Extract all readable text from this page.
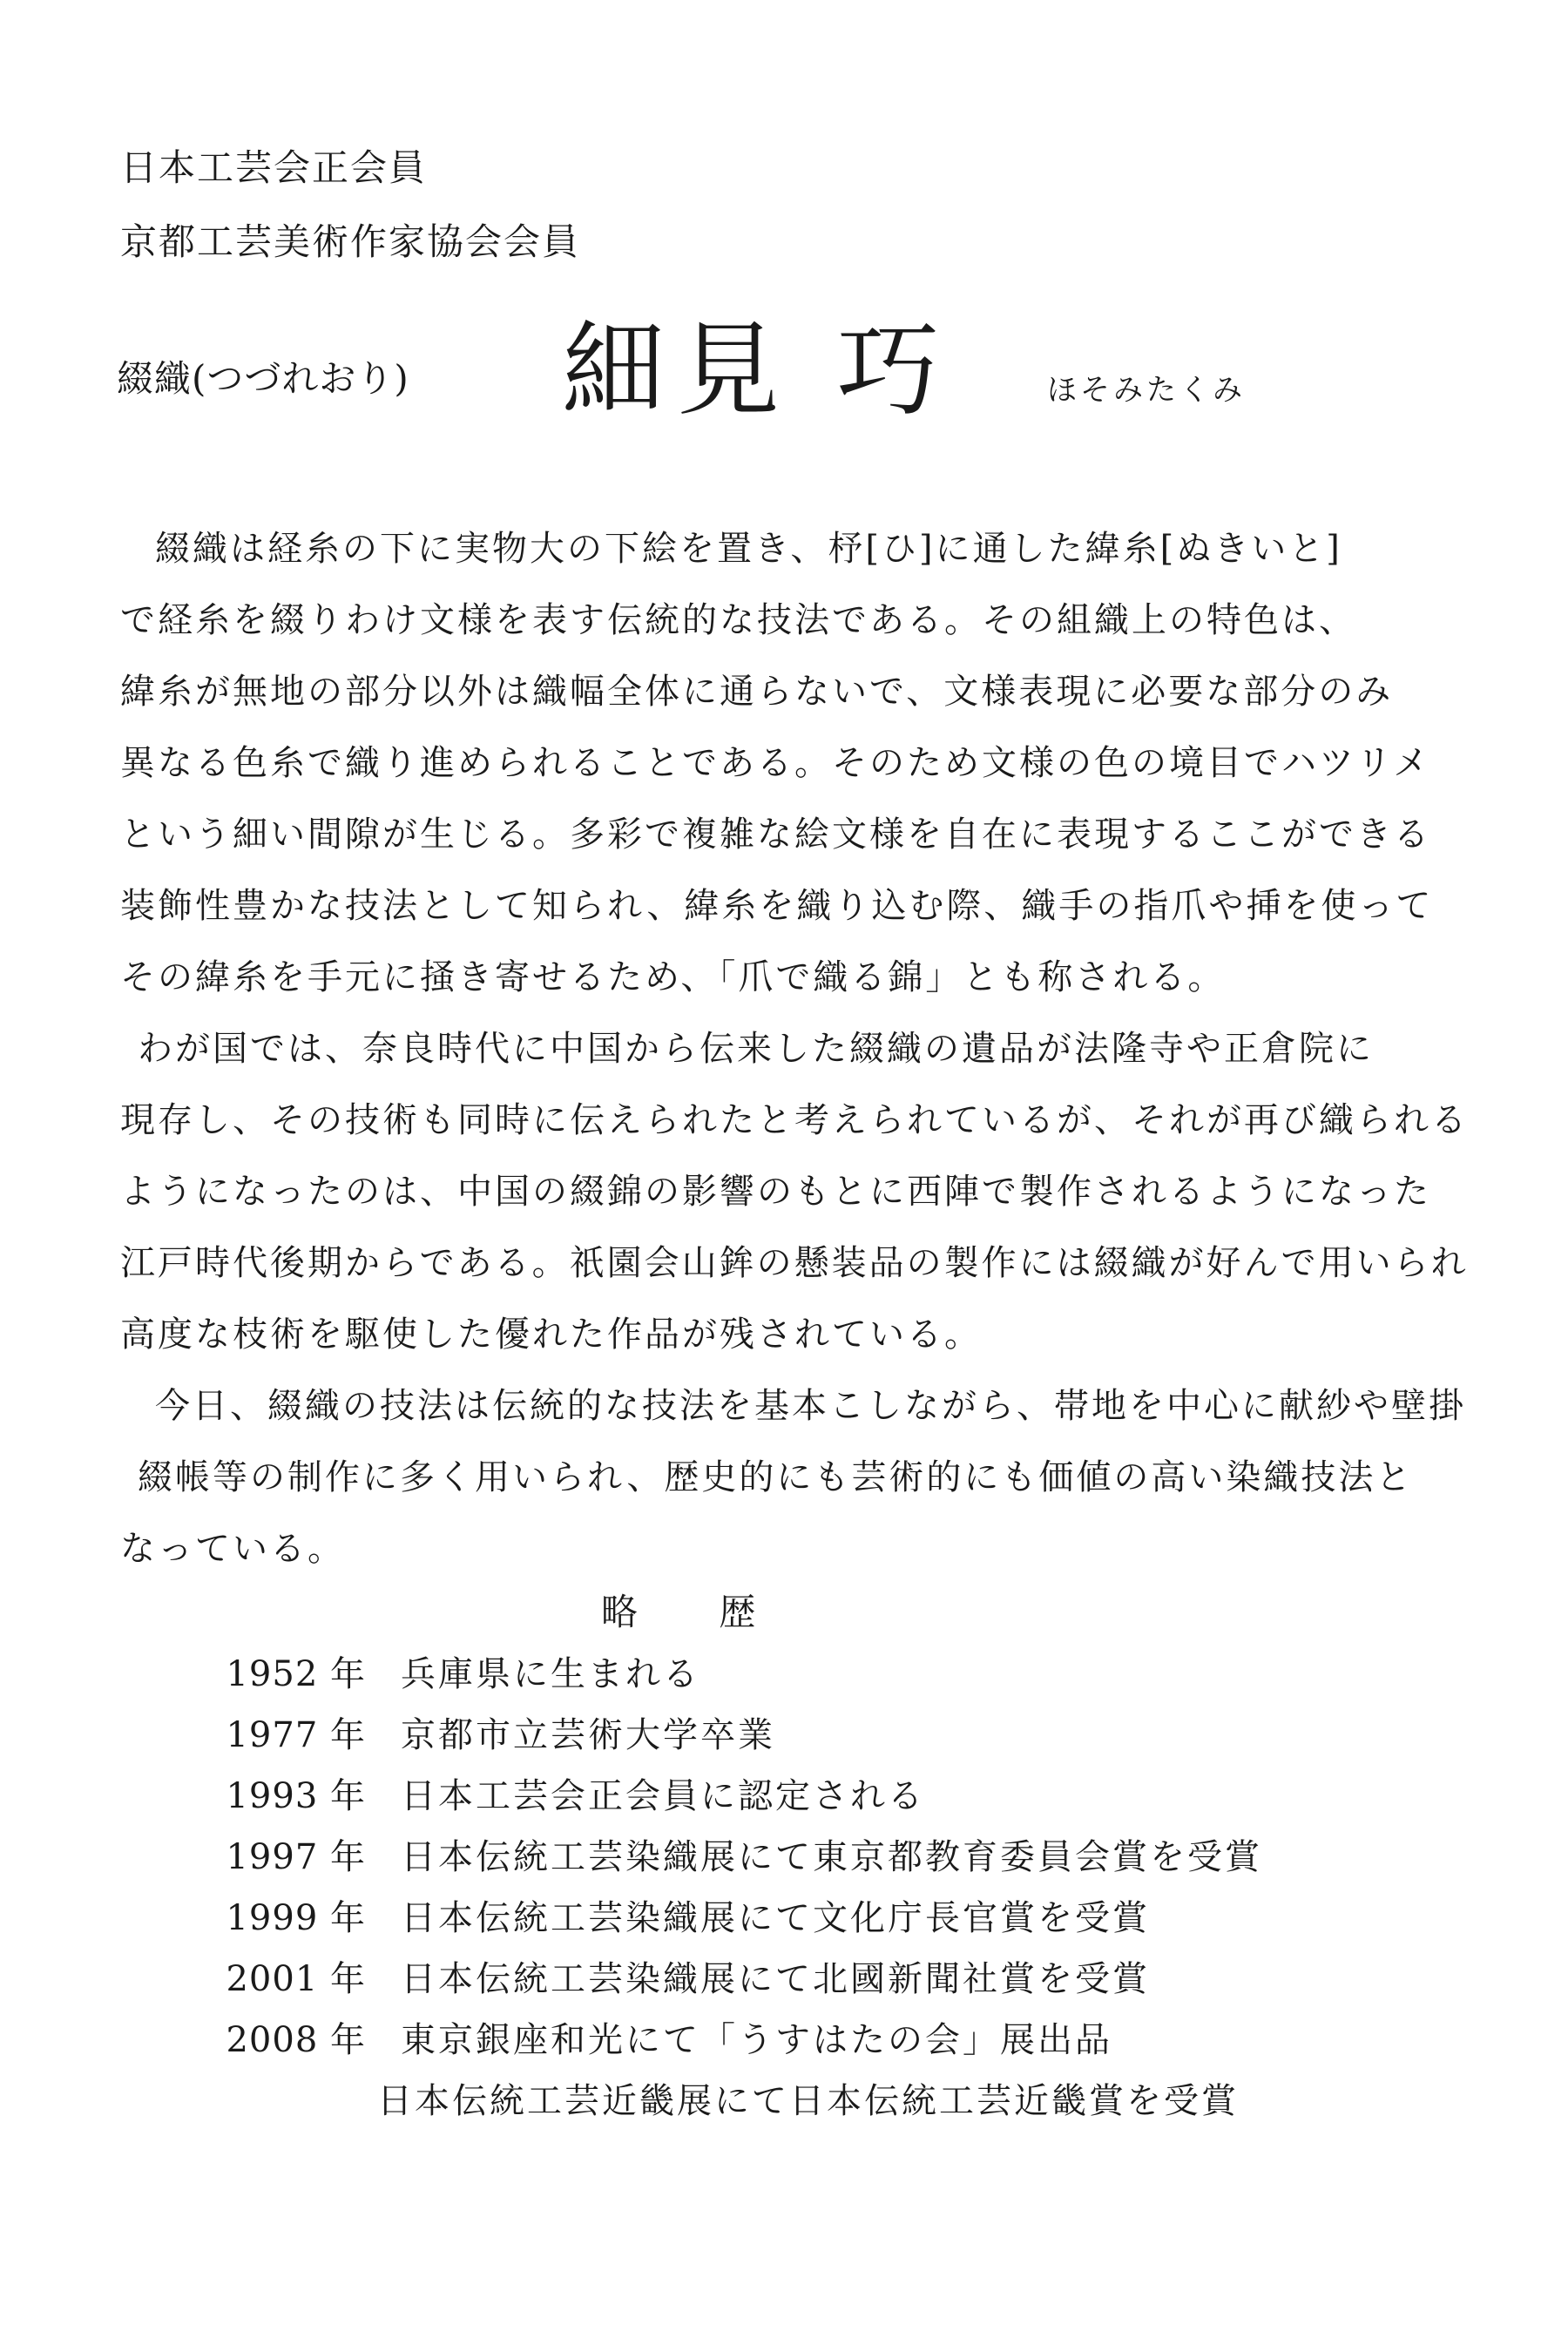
日本工芸会正会員
京都工芸美術作家協会会員
綴織(つづれおり) 細見 巧	ほそみたくみ
綴織は経糸の下に実物大の下絵を置き、杼[ひ]に通した緯糸[ぬきいと]
で経糸を綴りわけ文様を表す伝統的な技法である。その組織上の特色は、
緯糸が無地の部分以外は織幅全体に通らないで、文様表現に必要な部分のみ
異なる色糸で織り進められることである。そのため文様の色の境目でハツリメ
という細い間隙が生じる。多彩で複雑な絵文様を自在に表現するここができる
装飾性豊かな技法として知られ、緯糸を織り込む際、織手の指爪や挿を使って
その緯糸を手元に掻き寄せるため、「爪で織る錦」とも称される。
わが国では、奈良時代に中国から伝来した綴織の遺品が法隆寺や正倉院に
現存し、その技術も同時に伝えられたと考えられているが、それが再び織られる
ようになったのは、中国の綴錦の影響のもとに西陣で製作されるようになった
江戸時代後期からである。祇園会山鉾の懸装品の製作には綴織が好んで用いられ
高度な枝術を駆使した優れた作品が残されている。
今日、綴織の技法は伝統的な技法を基本こしながら、帯地を中心に献紗や壁掛
綴帳等の制作に多く用いられ、歴史的にも芸術的にも価値の高い染織技法と
なっている。
略 歴
1952 年	兵庫県に生まれる
1977 年	京都市立芸術大学卒業
1993 年	日本工芸会正会員に認定される
1997 年	日本伝統工芸染織展にて東京都教育委員会賞を受賞
1999 年	日本伝統工芸染織展にて文化庁長官賞を受賞
2001 年	日本伝統工芸染織展にて北國新聞社賞を受賞
2008 年	東京銀座和光にて「うすはたの会」展出品
日本伝統工芸近畿展にて日本伝統工芸近畿賞を受賞
